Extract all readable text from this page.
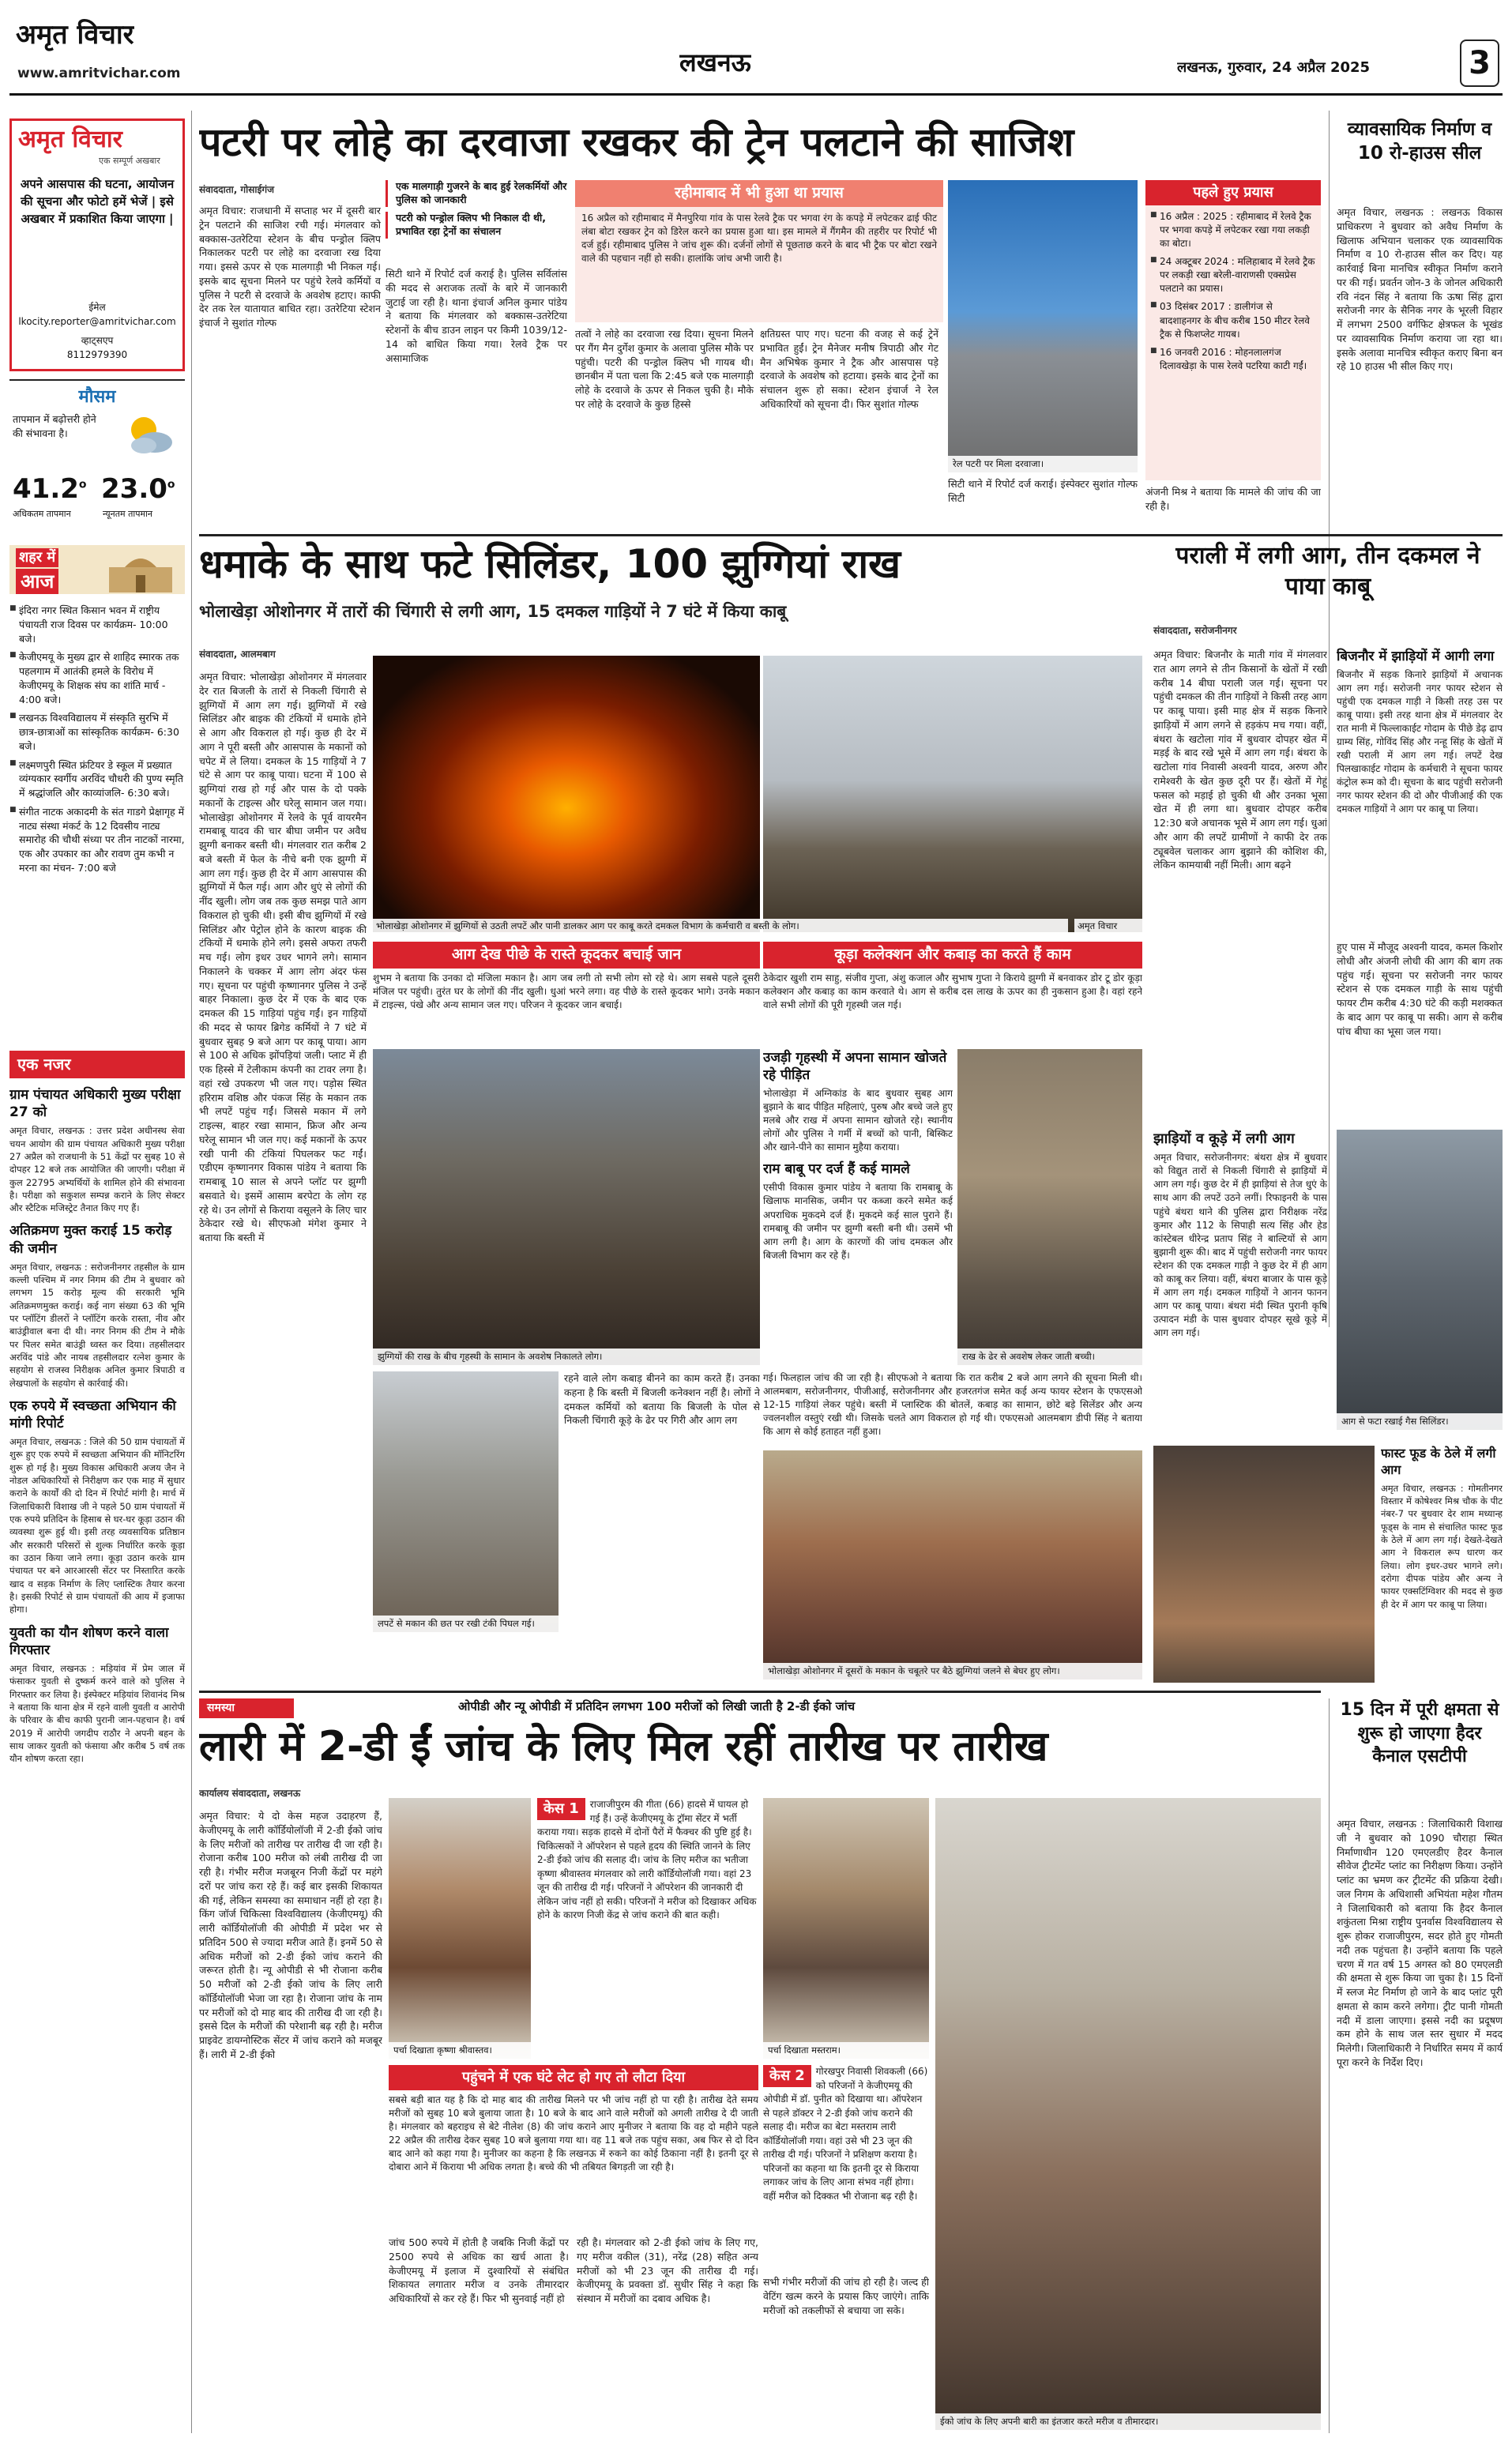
अमृत विचार
www.amritvichar.com	लखनऊ	लखनऊ, गुरुवार, 24 अप्रैल 2025	3
अमृत विचार
एक सम्पूर्ण अखबार
अपने आसपास की घटना, आयोजन की सूचना और फोटो हमें भेजें | इसे अखबार में प्रकाशित किया जाएगा |
ईमेल
lkocity.reporter@amritvichar.com
व्हाट्सएप
8112979390
मौसम
तापमान में बढ़ोत्तरी होने की संभावना है।
41.2$^o$ 23.0$^o$
अधिकतम तापमान	न्यूनतम तापमान
शहर में
आज
■ इंदिरा नगर स्थित किसान भवन में राष्ट्रीय पंचायती राज दिवस पर कार्यक्रम- 10:00 बजे।
■ केजीएमयू के मुख्य द्वार से शाहिद स्मारक तक पहलगाम में आतंकी हमले के विरोध में केजीएमयू के शिक्षक संघ का शांति मार्च - 4:00 बजे।
■ लखनऊ विश्वविद्यालय में संस्कृति सुरभि में छात्र-छात्राओं का सांस्कृतिक कार्यक्रम- 6:30 बजे।
■ लक्ष्मणपुरी स्थित फ्रंटियर डे स्कूल में प्रख्यात व्यंग्यकार स्वर्गीय अरविंद चौधरी की पुण्य स्मृति में श्रद्धांजलि और काव्यांजलि- 6:30 बजे।
■ संगीत नाटक अकादमी के संत गाडगे प्रेक्षागृह में नाट्य संस्था मंकर्ट के 12 दिवसीय नाट्य समारोह की चौथी संध्या पर तीन नाटकों नारमा, एक और उपकार का और रावण तुम कभी न मरना का मंचन- 7:00 बजे
एक नजर
ग्राम पंचायत अधिकारी मुख्य परीक्षा 27 को
अमृत विचार, लखनऊ : उत्तर प्रदेश अधीनस्थ सेवा चयन आयोग की ग्राम पंचायत अधिकारी मुख्य परीक्षा 27 अप्रैल को राजधानी के 51 केंद्रों पर सुबह 10 से दोपहर 12 बजे तक आयोजित की जाएगी। परीक्षा में कुल 22795 अभ्यर्थियों के शामिल होने की संभावना है। परीक्षा को सकुशल सम्पन्न कराने के लिए सेक्टर और स्टैटिक मजिस्ट्रेट तैनात किए गए हैं।
अतिक्रमण मुक्त कराई 15 करोड़ की जमीन
अमृत विचार, लखनऊ : सरोजनीनगर तहसील के ग्राम कल्ली पश्चिम में नगर निगम की टीम ने बुधवार को लगभग 15 करोड़ मूल्य की सरकारी भूमि अतिक्रमणमुक्त कराई। कई नाग संख्या 63 की भूमि पर प्लॉटिंग डीलरों ने प्लॉटिंग करके रास्ता, नीव और बाउंड्रीवाल बना दी थी। नगर निगम की टीम ने मौके पर पिलर समेत बाउंड्री ध्वस्त कर दिया। तहसीलदार अरविंद पांडे और नायब तहसीलदार रत्नेश कुमार के सहयोग से राजस्व निरीक्षक अनिल कुमार त्रिपाठी व लेखपालों के सहयोग से कार्रवाई की।
एक रुपये में स्वच्छता अभियान की मांगी रिपोर्ट
अमृत विचार, लखनऊ : जिले की 50 ग्राम पंचायतों में शुरू हुए एक रुपये में स्वच्छता अभियान की मॉनिटरिंग शुरू हो गई है। मुख्य विकास अधिकारी अजय जैन ने नोडल अधिकारियों से निरीक्षण कर एक माह में सुधार कराने के कार्यों की दो दिन में रिपोर्ट मांगी है। मार्च में जिलाधिकारी विशाख जी ने पहले 50 ग्राम पंचायतों में एक रुपये प्रतिदिन के हिसाब से घर-घर कूड़ा उठान की व्यवस्था शुरू हुई थी। इसी तरह व्यवसायिक प्रतिष्ठान और सरकारी परिसरों से शुल्क निर्धारित करके कूड़ा का उठान किया जाने लगा। कूड़ा उठान करके ग्राम पंचायत पर बने आरआरसी सेंटर पर निस्तारित करके खाद व सड़क निर्माण के लिए प्लास्टिक तैयार करना है। इसकी रिपोर्ट से ग्राम पंचायतों की आय में इजाफा होगा।
युवती का यौन शोषण करने वाला गिरफ्तार
अमृत विचार, लखनऊ : मड़ियांव में प्रेम जाल में फंसाकर युवती से दुष्कर्म करने वाले को पुलिस ने गिरफ्तार कर लिया है। इंस्पेक्टर मड़ियांव शिवानंद मिश्र ने बताया कि थाना क्षेत्र में रहने वाली युवती व आरोपी के परिवार के बीच काफी पुरानी जान-पहचान है। वर्ष 2019 में आरोपी जगदीप राठौर ने अपनी बहन के साथ जाकर युवती को फंसाया और करीब 5 वर्ष तक यौन शोषण करता रहा।
पटरी पर लोहे का दरवाजा रखकर की ट्रेन पलटाने की साजिश
संवाददाता, गोसाईगंज	एक मालगाड़ी गुजरने के बाद हुई रेलकर्मियों और पुलिस को जानकारी
पटरी को पन्ड्रोल क्लिप भी निकाल दी थी, प्रभावित रहा ट्रेनों का संचालन
अमृत विचार: राजधानी में सप्ताह भर में दूसरी बार ट्रेन पलटाने की साजिश रची गई। मंगलवार को बक्कास-उतरेटिया स्टेशन के बीच पन्ड्रोल क्लिप निकालकर पटरी पर लोहे का दरवाजा रख दिया गया। इससे ऊपर से एक मालगाड़ी भी निकल गई। इसके बाद सूचना मिलने पर पहुंचे रेलवे कर्मियों व पुलिस ने पटरी से दरवाजे के अवशेष हटाए। काफी देर तक रेल यातायात बाधित रहा। उतरेटिया स्टेशन इंचार्ज ने सुशांत गोल्फ
सिटी थाने में रिपोर्ट दर्ज कराई है। पुलिस सर्विलांस की मदद से अराजक तत्वों के बारे में जानकारी जुटाई जा रही है। थाना इंचार्ज अनिल कुमार पांडेय ने बताया कि मंगलवार को बक्कास-उतरेटिया स्टेशनों के बीच डाउन लाइन पर किमी 1039/12-14 को बाधित किया गया। रेलवे ट्रैक पर असामाजिक
रहीमाबाद में भी हुआ था प्रयास
16 अप्रैल को रहीमाबाद में मैनपुरिया गांव के पास रेलवे ट्रैक पर भगवा रंग के कपड़े में लपेटकर ढाई फीट लंबा बोटा रखकर ट्रेन को डिरेल करने का प्रयास हुआ था। इस मामले में गैंगमैन की तहरीर पर रिपोर्ट भी दर्ज हुई। रहीमाबाद पुलिस ने जांच शुरू की। दर्जनों लोगों से पूछताछ करने के बाद भी ट्रैक पर बोटा रखने वाले की पहचान नहीं हो सकी। हालांकि जांच अभी जारी है।
तत्वों ने लोहे का दरवाजा रख दिया। सूचना मिलने पर गैंग मैन दुर्गेश कुमार के अलावा पुलिस मौके पर पहुंची। पटरी की पन्ड्रोल क्लिप भी गायब थी। छानबीन में पता चला कि 2:45 बजे एक मालगाड़ी लोहे के दरवाजे के ऊपर से निकल चुकी है। मौके पर लोहे के दरवाजे के कुछ हिस्से
क्षतिग्रस्त पाए गए। घटना की वजह से कई ट्रेनें प्रभावित हुईं। ट्रेन मैनेजर मनीष त्रिपाठी और गेट मैन अभिषेक कुमार ने ट्रैक और आसपास पड़े दरवाजे के अवशेष को हटाया। इसके बाद ट्रेनों का संचालन शुरू हो सका। स्टेशन इंचार्ज ने रेल अधिकारियों को सूचना दी। फिर सुशांत गोल्फ
रेल पटरी पर मिला दरवाजा।
सिटी थाने में रिपोर्ट दर्ज कराई। इंस्पेक्टर सुशांत गोल्फ सिटी
पहले हुए प्रयास
■ 16 अप्रैल : 2025 : रहीमाबाद में रेलवे ट्रैक पर भगवा कपड़े में लपेटकर रखा गया लकड़ी का बोटा।
■ 24 अक्टूबर 2024 : मलिहाबाद में रेलवे ट्रैक पर लकड़ी रखा बरेली-वाराणसी एक्सप्रेस पलटाने का प्रयास।
■ 03 दिसंबर 2017 : डालीगंज से बादशाहनगर के बीच करीब 150 मीटर रेलवे ट्रैक से फिशप्लेट गायब।
■ 16 जनवरी 2016 : मोहनलालगंज दिलावखेड़ा के पास रेलवे पटरिया काटी गईं।
अंजनी मिश्र ने बताया कि मामले की जांच की जा रही है।
व्यावसायिक निर्माण व 10 रो-हाउस सील
अमृत विचार, लखनऊ : लखनऊ विकास प्राधिकरण ने बुधवार को अवैध निर्माण के खिलाफ अभियान चलाकर एक व्यावसायिक निर्माण व 10 रो-हाउस सील कर दिए। यह कार्रवाई बिना मानचित्र स्वीकृत निर्माण कराने पर की गई। प्रवर्तन जोन-3 के जोनल अधिकारी रवि नंदन सिंह ने बताया कि ऊषा सिंह द्वारा सरोजनी नगर के सैनिक नगर के भूरली विहार में लगभग 2500 वर्गफिट क्षेत्रफल के भूखंड पर व्यावसायिक निर्माण कराया जा रहा था। इसके अलावा मानचित्र स्वीकृत कराए बिना बन रहे 10 हाउस भी सील किए गए।
धमाके के साथ फटे सिलिंडर, 100 झुग्गियां राख
भोलाखेड़ा ओशोनगर में तारों की चिंगारी से लगी आग, 15 दमकल गाड़ियों ने 7 घंटे में किया काबू
संवाददाता, आलमबाग
अमृत विचार: भोलाखेड़ा ओशोनगर में मंगलवार देर रात बिजली के तारों से निकली चिंगारी से झुग्गियों में आग लग गई। झुग्गियों में रखे सिलिंडर और बाइक की टंकियों में धमाके होने से आग और विकराल हो गई। कुछ ही देर में आग ने पूरी बस्ती और आसपास के मकानों को चपेट में ले लिया। दमकल के 15 गाड़ियों ने 7 घंटे से आग पर काबू पाया। घटना में 100 से झुग्गियां राख हो गई और पास के दो पक्के मकानों के टाइल्स और घरेलू सामान जल गया। भोलाखेड़ा ओशोनगर में रेलवे के पूर्व वायरमैन रामबाबू यादव की चार बीघा जमीन पर अवैध झुग्गी बनाकर बस्ती थी। मंगलवार रात करीब 2 बजे बस्ती में फेल के नीचे बनी एक झुग्गी में आग लग गई। कुछ ही देर में आग आसपास की झुग्गियों में फैल गई। आग और धुएं से लोगों की नींद खुली। लोग जब तक कुछ समझ पाते आग विकराल हो चुकी थी। इसी बीच झुग्गियों में रखे सिलिंडर और पेट्रोल होने के कारण बाइक की टंकियों में धमाके होने लगे। इससे अफरा तफरी मच गई। लोग इधर उधर भागने लगे। सामान निकालने के चक्कर में आग लोग अंदर फंस गए। सूचना पर पहुंची कृष्णानगर पुलिस ने उन्हें बाहर निकाला। कुछ देर में एक के बाद एक दमकल की 15 गाड़ियां पहुंच गईं। इन गाड़ियों की मदद से फायर ब्रिगेड कर्मियों ने 7 घंटे में बुधवार सुबह 9 बजे आग पर काबू पाया। आग से 100 से अधिक झोंपड़ियां जली। प्लाट में ही एक हिस्से में टेलीकाम कंपनी का टावर लगा है। वहां रखे उपकरण भी जल गए। पड़ोस स्थित हरिराम वशिष्ठ और पंकज सिंह के मकान तक भी लपटें पहुंच गईं। जिससे मकान में लगे टाइल्स, बाहर रखा सामान, फ्रिज और अन्य घरेलू सामान भी जल गए। कई मकानों के ऊपर रखी पानी की टंकियां पिघलकर फट गईं। एडीएम कृष्णानगर विकास पांडेय ने बताया कि रामबाबू 10 साल से अपने प्लॉट पर झुग्गी बसवाते थे। इसमें आसाम बरपेटा के लोग रह रहे थे। उन लोगों से किराया वसूलने के लिए चार ठेकेदार रखे थे। सीएफओ मंगेश कुमार ने बताया कि बस्ती में
भोलाखेड़ा ओशोनगर में झुग्गियों से उठती लपटें और पानी डालकर आग पर काबू करते दमकल विभाग के कर्मचारी व बस्ती के लोग।	अमृत विचार
आग देख पीछे के रास्ते कूदकर बचाई जान
शुभम ने बताया कि उनका दो मंजिला मकान है। आग जब लगी तो सभी लोग सो रहे थे। आग सबसे पहले दूसरी मंजिल पर पहुंची। तुरंत घर के लोगों की नींद खुली। धुआं भरने लगा। वह पीछे के रास्ते कूदकर भागे। उनके मकान में टाइल्स, पंखे और अन्य सामान जल गए। परिजन ने कूदकर जान बचाई।
कूड़ा कलेक्शन और कबाड़ का करते हैं काम
ठेकेदार खुशी राम साहु, संजीव गुप्ता, अंशु कजाल और सुभाष गुप्ता ने किराये झुग्गी में बनवाकर डोर टू डोर कूड़ा कलेक्शन और कबाड़ का काम करवाते थे। आग से करीब दस लाख के ऊपर का ही नुकसान हुआ है। वहां रहने वाले सभी लोगों की पूरी गृहस्थी जल गई।
झुग्गियों की राख के बीच गृहस्थी के सामान के अवशेष निकालते लोग।
उजड़ी गृहस्थी में अपना सामान खोजते रहे पीड़ित
भोलाखेड़ा में अग्निकांड के बाद बुधवार सुबह आग बुझाने के बाद पीड़ित महिलाएं, पुरुष और बच्चे जले हुए मलबे और राख में अपना सामान खोजते रहे। स्थानीय लोगों और पुलिस ने गर्मी में बच्चों को पानी, बिस्किट और खाने-पीने का सामान मुहैया कराया।
राम बाबू पर दर्ज हैं कई मामले
एसीपी विकास कुमार पांडेय ने बताया कि रामबाबू के खिलाफ मानसिक, जमीन पर कब्जा करने समेत कई अपराधिक मुकदमे दर्ज हैं। मुकदमे कई साल पुराने हैं। रामबाबू की जमीन पर झुग्गी बस्ती बनी थी। उसमें भी आग लगी है। आग के कारणों की जांच दमकल और बिजली विभाग कर रहे हैं।
राख के ढेर से अवशेष लेकर जाती बच्ची।
लपटें से मकान की छत पर रखी टंकी पिघल गई।
रहने वाले लोग कबाड़ बीनने का काम करते हैं। उनका कहना है कि बस्ती में बिजली कनेक्शन नहीं है। लोगों ने दमकल कर्मियों को बताया कि बिजली के पोल से निकली चिंगारी कूड़े के ढेर पर गिरी और आग लग
भोलाखेड़ा ओशोनगर में दूसरों के मकान के चबूतरे पर बैठे झुग्गियां जलने से बेघर हुए लोग।
गई। फिलहाल जांच की जा रही है। सीएफओ ने बताया कि रात करीब 2 बजे आग लगने की सूचना मिली थी। आलमबाग, सरोजनीनगर, पीजीआई, सरोजनीनगर और हजरतगंज समेत कई अन्य फायर स्टेशन के एफएसओ 12-15 गाड़ियां लेकर पहुंचे। बस्ती में प्लास्टिक की बोतलें, कबाड़ का सामान, छोटे बड़े सिलेंडर और अन्य ज्वलनशील वस्तुएं रखी थी। जिसके चलते आग विकराल हो गई थी। एफएसओ आलमबाग डीपी सिंह ने बताया कि आग से कोई हताहत नहीं हुआ।
पराली में लगी आग, तीन दकमल ने पाया काबू
संवाददाता, सरोजनीनगर
अमृत विचार: बिजनौर के माती गांव में मंगलवार रात आग लगने से तीन किसानों के खेतों में रखी करीब 14 बीघा पराली जल गई। सूचना पर पहुंची दमकल की तीन गाड़ियों ने किसी तरह आग पर काबू पाया। इसी माह क्षेत्र में सड़क किनारे झाड़ियों में आग लगने से हड़कंप मच गया। वहीं, बंथरा के खटोला गांव में बुधवार दोपहर खेत में मड़ई के बाद रखे भूसे में आग लग गई। बंथरा के खटोला गांव निवासी अश्वनी यादव, अरुण और रामेश्वरी के खेत कुछ दूरी पर हैं। खेतों में गेहूं फसल को मड़ाई हो चुकी थी और उनका भूसा खेत में ही लगा था। बुधवार दोपहर करीब 12:30 बजे अचानक भूसे में आग लग गई। धुआं और आग की लपटें ग्रामीणों ने काफी देर तक ट्यूबवेल चलाकर आग बुझाने की कोशिश की, लेकिन कामयाबी नहीं मिली। आग बढ़ने
बिजनौर में झाड़ियों में आगी लगा
बिजनौर में सड़क किनारे झाड़ियों में अचानक आग लग गई। सरोजनी नगर फायर स्टेशन से पहुंची एक दमकल गाड़ी ने किसी तरह उस पर काबू पाया। इसी तरह थाना क्षेत्र में मंगलवार देर रात मानी में फिल्लाकाईट गोदाम के पीछे डेढ़ ढाप ग्राम्य सिंह, गोविंद सिंह और नन्हू सिंह के खेतों में रखी पराली में आग लग गई। लपटें देख पिलखाकाईट गोदाम के कर्मचारी ने सूचना फायर कंट्रोल रूम को दी। सूचना के बाद पहुंची सरोजनी नगर फायर स्टेशन की दो और पीजीआई की एक दमकल गाड़ियों ने आग पर काबू पा लिया।
हुए पास में मौजूद अश्वनी यादव, कमल किशोर लोधी और अंजनी लोधी की आग की बाग तक पहुंच गई। सूचना पर सरोजनी नगर फायर स्टेशन से एक दमकल गाड़ी के साथ पहुंची फायर टीम करीब 4:30 घंटे की कड़ी मशक्कत के बाद आग पर काबू पा सकी। आग से करीब पांच बीघा का भूसा जल गया।
झाड़ियों व कूड़े में लगी आग
अमृत विचार, सरोजनीनगर: बंथरा क्षेत्र में बुधवार को विद्युत तारों से निकली चिंगारी से झाड़ियों में आग लग गई। कुछ देर में ही झाड़ियां से तेज धुएं के साथ आग की लपटें उठने लगीं। रिफाइनरी के पास पहुंचे बंथरा थाने की पुलिस द्वारा निरीक्षक नरेंद्र कुमार और 112 के सिपाही सत्य सिंह और हेड कांस्टेबल धीरेन्द्र प्रताप सिंह ने बाल्टियों से आग बुझानी शुरू की। बाद में पहुंची सरोजनी नगर फायर स्टेशन की एक दमकल गाड़ी ने कुछ देर में ही आग को काबू कर लिया। वहीं, बंथरा बाजार के पास कूड़े में आग लग गई। दमकल गाड़ियों ने आनन फानन आग पर काबू पाया। बंथरा मंदी स्थित पुरानी कृषि उत्पादन मंडी के पास बुधवार दोपहर सूखे कूड़े में आग लग गई।
आग से फटा रखाई गैस सिलिंडर।
फास्ट फूड के ठेले में लगी आग
अमृत विचार, लखनऊ : गोमतीनगर विस्तार में कोषेश्वर मिश्र चौक के पीट नंबर-7 पर बुधवार देर शाम मध्यान्ह फूड्स के नाम से संचालित फास्ट फूड के ठेले में आग लग गई। देखते-देखते आग ने विकराल रूप धारण कर लिया। लोग इधर-उधर भागने लगे। दरोगा दीपक पांडेय और अन्य ने फायर एक्सटिंग्विशर की मदद से कुछ ही देर में आग पर काबू पा लिया।
समस्या	ओपीडी और न्यू ओपीडी में प्रतिदिन लगभग 100 मरीजों को लिखी जाती है 2-डी ईको जांच
लारी में 2-डी ईं जांच के लिए मिल रहीं तारीख पर तारीख
कार्यालय संवाददाता, लखनऊ
अमृत विचार: ये दो केस महज उदाहरण हैं, केजीएमयू के लारी कॉर्डियोलॉजी में 2-डी ईको जांच के लिए मरीजों को तारीख पर तारीख दी जा रही है। रोजाना करीब 100 मरीज को लंबी तारीख दी जा रही है। गंभीर मरीज मजबूरन निजी केंद्रों पर महंगे दरों पर जांच करा रहे हैं। कई बार इसकी शिकायत की गई, लेकिन समस्या का समाधान नहीं हो रहा है। किंग जॉर्ज चिकित्सा विश्वविद्यालय (केजीएमयू) की लारी कॉर्डियोलॉजी की ओपीडी में प्रदेश भर से प्रतिदिन 500 से ज्यादा मरीज आते हैं। इनमें 50 से अधिक मरीजों को 2-डी ईको जांच कराने की जरूरत होती है। न्यू ओपीडी से भी रोजाना करीब 50 मरीजों को 2-डी ईको जांच के लिए लारी कॉर्डियोलॉजी भेजा जा रहा है। रोजाना जांच के नाम पर मरीजों को दो माह बाद की तारीख दी जा रही है। इससे दिल के मरीजों की परेशानी बढ़ रही है। मरीज प्राइवेट डायग्नोस्टिक सेंटर में जांच कराने को मजबूर हैं। लारी में 2-डी ईको	पर्चा दिखाता कृष्णा श्रीवास्तव।
केस 1	राजाजीपुरम की गीता (66) हादसे में घायल हो गई हैं। उन्हें केजीएमयू के ट्रॉमा सेंटर में भर्ती कराया गया। सड़क हादसे में दोनों पैरों में फैक्चर की पुष्टि हुई है। चिकित्सकों ने ऑपरेशन से पहले हृदय की स्थिति जानने के लिए 2-डी ईको जांच की सलाह दी। जांच के लिए मरीज का भतीजा कृष्णा श्रीवास्तव मंगलवार को लारी कॉर्डियोलॉजी गया। वहां 23 जून की तारीख दी गई। परिजनों ने ऑपरेशन की जानकारी दी लेकिन जांच नहीं हो सकी। परिजनों ने मरीज को दिखाकर अधिक होने के कारण निजी केंद्र से जांच कराने की बात कही।
पर्चा दिखाता मस्तराम।
केस 2	गोरखपुर निवासी शिवकली (66) को परिजनों ने केजीएमयू की ओपीडी में डॉ. पुनीत को दिखाया था। ऑपरेशन से पहले डॉक्टर ने 2-डी ईको जांच कराने की सलाह दी। मरीज का बेटा मस्तराम लारी कॉर्डियोलॉजी गया। वहां उसे भी 23 जून की तारीख दी गई। परिजनों ने प्रशिक्षण कराया है। परिजनों का कहना था कि इतनी दूर से किराया लगाकर जांच के लिए आना संभव नहीं होगा। वहीं मरीज को दिक्कत भी रोजाना बढ़ रही है।
पहुंचने में एक घंटे लेट हो गए तो लौटा दिया
सबसे बड़ी बात यह है कि दो माह बाद की तारीख मिलने पर भी जांच नहीं हो पा रही है। तारीख देते समय मरीजों को सुबह 10 बजे बुलाया जाता है। 10 बजे के बाद आने वाले मरीजों को अगली तारीख दे दी जाती है। मंगलवार को बहराइच से बेटे नीलेश (8) की जांच कराने आए मुनीजर ने बताया कि वह दो महीने पहले 22 अप्रैल की तारीख देकर सुबह 10 बजे बुलाया गया था। वह 11 बजे तक पहुंच सका, अब फिर से दो दिन बाद आने को कहा गया है। मुनीजर का कहना है कि लखनऊ में रुकने का कोई ठिकाना नहीं है। इतनी दूर से दोबारा आने में किराया भी अधिक लगता है। बच्चे की भी तबियत बिगड़ती जा रही है।
जांच 500 रुपये में होती है जबकि निजी केंद्रों पर 2500 रुपये से अधिक का खर्च आता है। केजीएमयू में इलाज में दुश्वारियों से संबंधित शिकायत लगातार मरीज व उनके तीमारदार अधिकारियों से कर रहे हैं। फिर भी सुनवाई नहीं हो
रही है। मंगलवार को 2-डी ईको जांच के लिए गए, गए मरीज वकील (31), नरेंद्र (28) सहित अन्य मरीजों को भी 23 जून की तारीख दी गई। केजीएमयू के प्रवक्ता डॉ. सुधीर सिंह ने कहा कि संस्थान में मरीजों का दबाव अधिक है।
सभी गंभीर मरीजों की जांच हो रही है। जल्द ही वेटिंग खत्म करने के प्रयास किए जाएंगे। ताकि मरीजों को तकलीफों से बचाया जा सके।
ईको जांच के लिए अपनी बारी का इंतजार करते मरीज व तीमारदार।
15 दिन में पूरी क्षमता से शुरू हो जाएगा हैदर कैनाल एसटीपी
अमृत विचार, लखनऊ : जिलाधिकारी विशाख जी ने बुधवार को 1090 चौराहा स्थित निर्माणाधीन 120 एमएलडीए हैदर कैनाल सीवेज ट्रीटमेंट प्लांट का निरीक्षण किया। उन्होंने प्लांट का भ्रमण कर ट्रीटमेंट की प्रक्रिया देखी। जल निगम के अधिशासी अभियंता महेश गौतम ने जिलाधिकारी को बताया कि हैदर कैनाल शकुंतला मिश्रा राष्ट्रीय पुनर्वास विश्वविद्यालय से शुरू होकर राजाजीपुरम, सदर होते हुए गोमती नदी तक पहुंचता है। उन्होंने बताया कि पहले चरण में गत वर्ष 15 अगस्त को 80 एमएलडी की क्षमता से शुरू किया जा चुका है। 15 दिनों में स्लज मेट निर्माण हो जाने के बाद प्लांट पूरी क्षमता से काम करने लगेगा। ट्रीट पानी गोमती नदी में डाला जाएगा। इससे नदी का प्रदूषण कम होने के साथ जल स्तर सुधार में मदद मिलेगी। जिलाधिकारी ने निर्धारित समय में कार्य पूरा करने के निर्देश दिए।
